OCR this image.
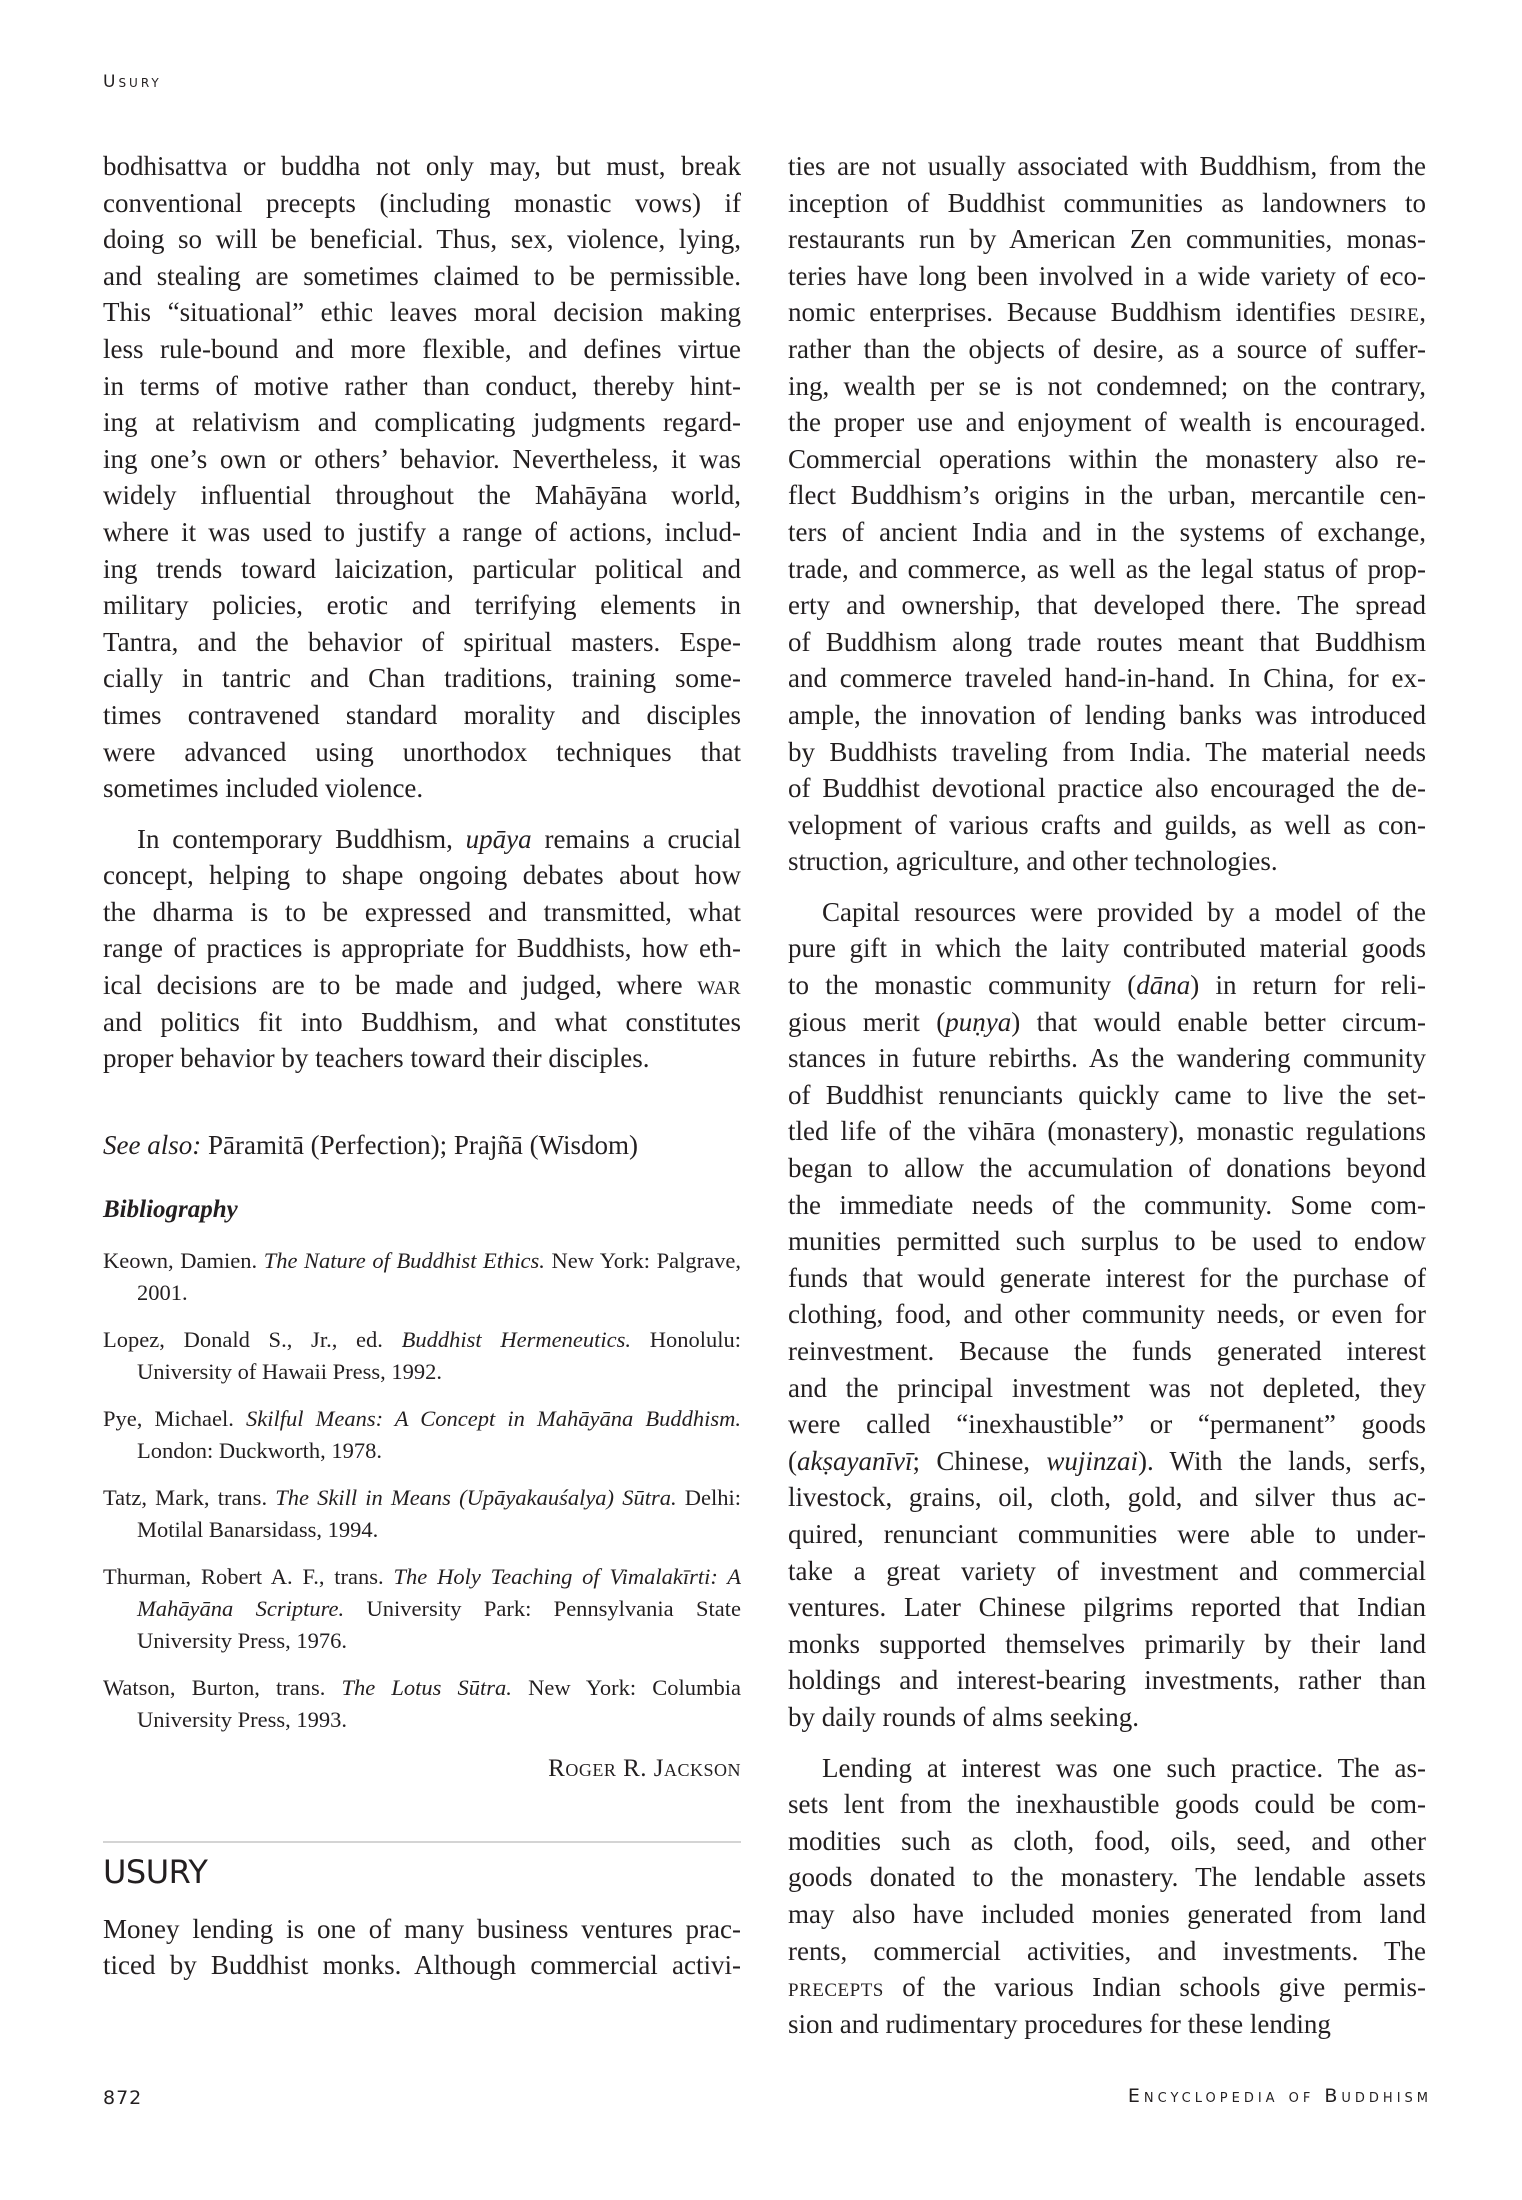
Usury
bodhisattva or buddha not only may, but must, break
conventional precepts (including monastic vows) if
doing so will be beneficial. Thus, sex, violence, lying,
and stealing are sometimes claimed to be permissible.
This “situational” ethic leaves moral decision making
less rule-bound and more flexible, and defines virtue
in terms of motive rather than conduct, thereby hint-
ing at relativism and complicating judgments regard-
ing one’s own or others’ behavior. Nevertheless, it was
widely influential throughout the Mahāyāna world,
where it was used to justify a range of actions, includ-
ing trends toward laicization, particular political and
military policies, erotic and terrifying elements in
Tantra, and the behavior of spiritual masters. Espe-
cially in tantric and Chan traditions, training some-
times contravened standard morality and disciples
were advanced using unorthodox techniques that
sometimes included violence.
In contemporary Buddhism, upāya remains a crucial
concept, helping to shape ongoing debates about how
the dharma is to be expressed and transmitted, what
range of practices is appropriate for Buddhists, how eth-
ical decisions are to be made and judged, where war
and politics fit into Buddhism, and what constitutes
proper behavior by teachers toward their disciples.
See also: Pāramitā (Perfection); Prajñā (Wisdom)
Bibliography
Keown, Damien. The Nature of Buddhist Ethics. New York: Palgrave, 2001.
Lopez, Donald S., Jr., ed. Buddhist Hermeneutics. Honolulu: University of Hawaii Press, 1992.
Pye, Michael. Skilful Means: A Concept in Mahāyāna Buddhism. London: Duckworth, 1978.
Tatz, Mark, trans. The Skill in Means (Upāyakauśalya) Sūtra. Delhi: Motilal Banarsidass, 1994.
Thurman, Robert A. F., trans. The Holy Teaching of Vimalakīrti: A Mahāyāna Scripture. University Park: Pennsylvania State University Press, 1976.
Watson, Burton, trans. The Lotus Sūtra. New York: Columbia University Press, 1993.
Roger R. Jackson
USURY
Money lending is one of many business ventures prac-
ticed by Buddhist monks. Although commercial activi-
ties are not usually associated with Buddhism, from the
inception of Buddhist communities as landowners to
restaurants run by American Zen communities, monas-
teries have long been involved in a wide variety of eco-
nomic enterprises. Because Buddhism identifies desire,
rather than the objects of desire, as a source of suffer-
ing, wealth per se is not condemned; on the contrary,
the proper use and enjoyment of wealth is encouraged.
Commercial operations within the monastery also re-
flect Buddhism’s origins in the urban, mercantile cen-
ters of ancient India and in the systems of exchange,
trade, and commerce, as well as the legal status of prop-
erty and ownership, that developed there. The spread
of Buddhism along trade routes meant that Buddhism
and commerce traveled hand-in-hand. In China, for ex-
ample, the innovation of lending banks was introduced
by Buddhists traveling from India. The material needs
of Buddhist devotional practice also encouraged the de-
velopment of various crafts and guilds, as well as con-
struction, agriculture, and other technologies.
Capital resources were provided by a model of the
pure gift in which the laity contributed material goods
to the monastic community (dāna) in return for reli-
gious merit (puṇya) that would enable better circum-
stances in future rebirths. As the wandering community
of Buddhist renunciants quickly came to live the set-
tled life of the vihāra (monastery), monastic regulations
began to allow the accumulation of donations beyond
the immediate needs of the community. Some com-
munities permitted such surplus to be used to endow
funds that would generate interest for the purchase of
clothing, food, and other community needs, or even for
reinvestment. Because the funds generated interest
and the principal investment was not depleted, they
were called “inexhaustible” or “permanent” goods
(akṣayanīvī; Chinese, wujinzai). With the lands, serfs,
livestock, grains, oil, cloth, gold, and silver thus ac-
quired, renunciant communities were able to under-
take a great variety of investment and commercial
ventures. Later Chinese pilgrims reported that Indian
monks supported themselves primarily by their land
holdings and interest-bearing investments, rather than
by daily rounds of alms seeking.
Lending at interest was one such practice. The as-
sets lent from the inexhaustible goods could be com-
modities such as cloth, food, oils, seed, and other
goods donated to the monastery. The lendable assets
may also have included monies generated from land
rents, commercial activities, and investments. The
precepts of the various Indian schools give permis-
sion and rudimentary procedures for these lending
872	Encyclopedia of Buddhism
